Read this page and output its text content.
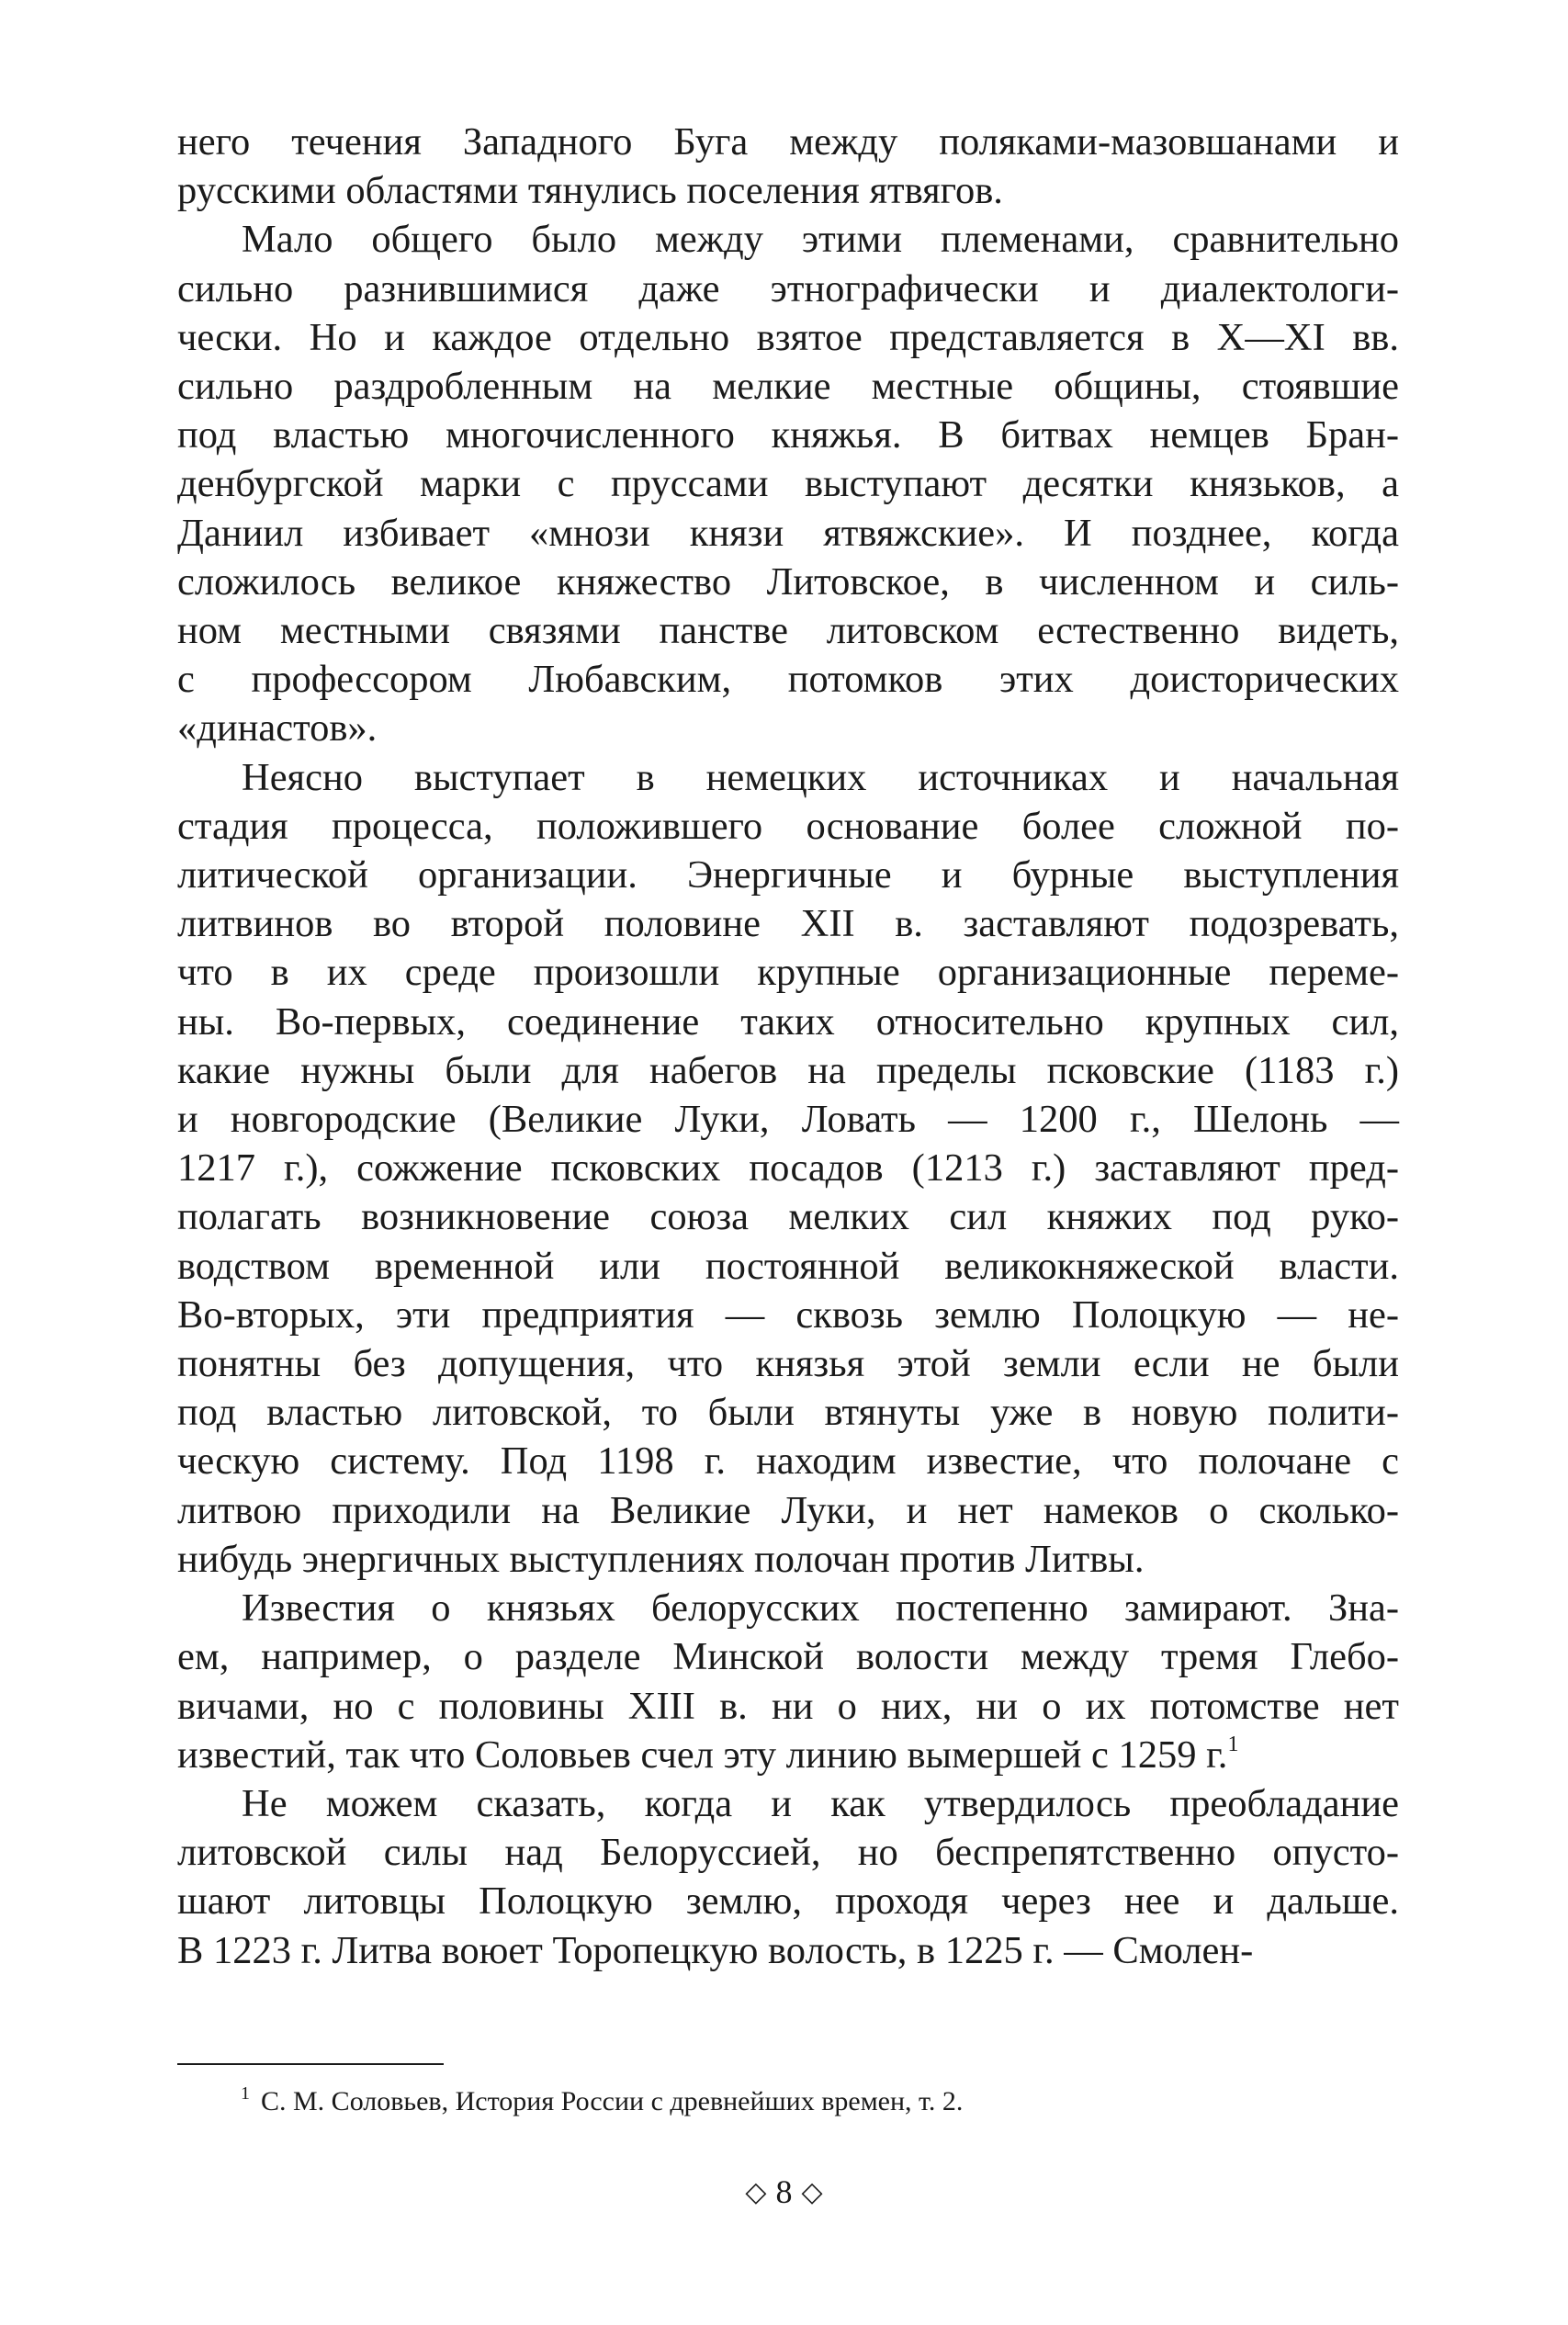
него течения Западного Буга между поляками-мазовшанами и
русскими областями тянулись поселения ятвягов.

Мало общего было между этими племенами, сравнительно
сильно разнившимися даже этнографически и диалектологи-
чески. Но и каждое отдельно взятое представляется в X—XI вв.
сильно раздробленным на мелкие местные общины, стоявшие
под властью многочисленного княжья. В битвах немцев Бран-
денбургской марки с пруссами выступают десятки князьков, а
Даниил избивает «мнози князи ятвяжские». И позднее, когда
сложилось великое княжество Литовское, в численном и силь-
ном местными связями панстве литовском естественно видеть,
с профессором Любавским, потомков этих доисторических
«династов».

Неясно выступает в немецких источниках и начальная
стадия процесса, положившего основание более сложной по-
литической организации. Энергичные и бурные выступления
литвинов во второй половине XII в. заставляют подозревать,
что в их среде произошли крупные организационные переме-
ны. Во-первых, соединение таких относительно крупных сил,
какие нужны были для набегов на пределы псковские (1183 г.)
и новгородские (Великие Луки, Ловать — 1200 г., Шелонь —
1217 г.), сожжение псковских посадов (1213 г.) заставляют пред-
полагать возникновение союза мелких сил княжих под руко-
водством временной или постоянной великокняжеской власти.
Во-вторых, эти предприятия — сквозь землю Полоцкую — не-
понятны без допущения, что князья этой земли если не были
под властью литовской, то были втянуты уже в новую полити-
ческую систему. Под 1198 г. находим известие, что полочане с
литвою приходили на Великие Луки, и нет намеков о сколько-
нибудь энергичных выступлениях полочан против Литвы.

Известия о князьях белорусских постепенно замирают. Зна-
ем, например, о разделе Минской волости между тремя Глебо-
вичами, но с половины XIII в. ни о них, ни о их потомстве нет
известий, так что Соловьев счел эту линию вымершей с 1259 г.$^1$

Не можем сказать, когда и как утвердилось преобладание
литовской силы над Белоруссией, но беспрепятственно опусто-
шают литовцы Полоцкую землю, проходя через нее и дальше.
В 1223 г. Литва воюет Торопецкую волость, в 1225 г. — Смолен-

$^1$ С. М. Соловьев, История России с древнейших времен, т. 2.
◇ 8 ◇
